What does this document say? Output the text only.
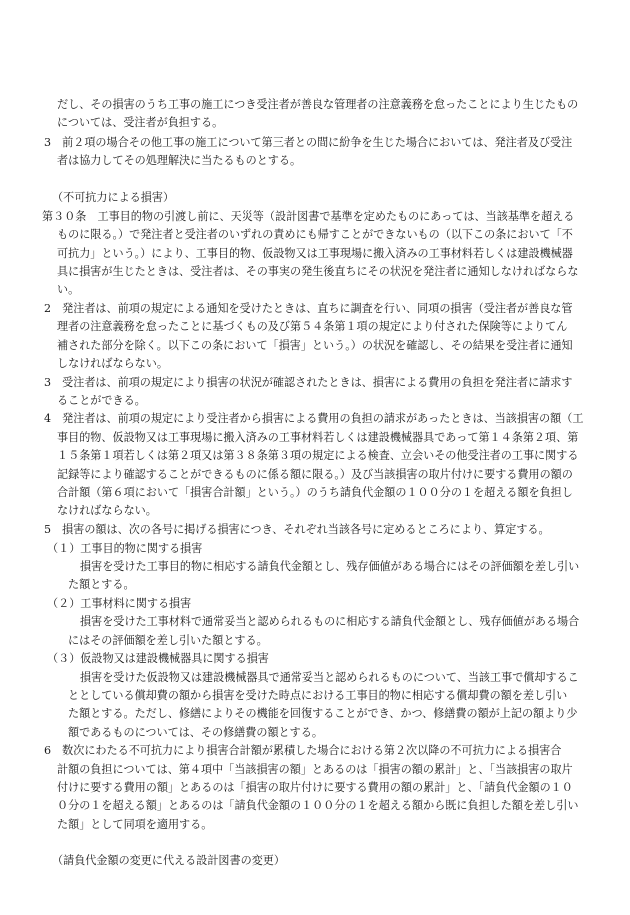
だし、その損害のうち工事の施工につき受注者が善良な管理者の注意義務を怠ったことにより生じたもの
については、受注者が負担する。
3　前２項の場合その他工事の施工について第三者との間に紛争を生じた場合においては、発注者及び受注
者は協力してその処理解決に当たるものとする。
（不可抗力による損害）
第３０条　工事目的物の引渡し前に、天災等（設計図書で基準を定めたものにあっては、当該基準を超える
ものに限る。）で発注者と受注者のいずれの責めにも帰すことができないもの（以下この条において「不
可抗力」という。）により、工事目的物、仮設物又は工事現場に搬入済みの工事材料若しくは建設機械器
具に損害が生じたときは、受注者は、その事実の発生後直ちにその状況を発注者に通知しなければならな
い。
2　発注者は、前項の規定による通知を受けたときは、直ちに調査を行い、同項の損害（受注者が善良な管
理者の注意義務を怠ったことに基づくもの及び第５４条第１項の規定により付された保険等によりてん
補された部分を除く。以下この条において「損害」という。）の状況を確認し、その結果を受注者に通知
しなければならない。
3　受注者は、前項の規定により損害の状況が確認されたときは、損害による費用の負担を発注者に請求す
ることができる。
4　発注者は、前項の規定により受注者から損害による費用の負担の請求があったときは、当該損害の額（工
事目的物、仮設物又は工事現場に搬入済みの工事材料若しくは建設機械器具であって第１４条第２項、第
１５条第１項若しくは第２項又は第３８条第３項の規定による検査、立会いその他受注者の工事に関する
記録等により確認することができるものに係る額に限る。）及び当該損害の取片付けに要する費用の額の
合計額（第６項において「損害合計額」という。）のうち請負代金額の１００分の１を超える額を負担し
なければならない。
5　損害の額は、次の各号に掲げる損害につき、それぞれ当該各号に定めるところにより、算定する。
（１）工事目的物に関する損害
損害を受けた工事目的物に相応する請負代金額とし、残存価値がある場合にはその評価額を差し引い
た額とする。
（２）工事材料に関する損害
損害を受けた工事材料で通常妥当と認められるものに相応する請負代金額とし、残存価値がある場合
にはその評価額を差し引いた額とする。
（３）仮設物又は建設機械器具に関する損害
損害を受けた仮設物又は建設機械器具で通常妥当と認められるものについて、当該工事で償却するこ
ととしている償却費の額から損害を受けた時点における工事目的物に相応する償却費の額を差し引い
た額とする。ただし、修繕によりその機能を回復することができ、かつ、修繕費の額が上記の額より少
額であるものについては、その修繕費の額とする。
6　数次にわたる不可抗力により損害合計額が累積した場合における第２次以降の不可抗力による損害合
計額の負担については、第４項中「当該損害の額」とあるのは「損害の額の累計」と、「当該損害の取片
付けに要する費用の額」とあるのは「損害の取片付けに要する費用の額の累計」と、「請負代金額の１０
０分の１を超える額」とあるのは「請負代金額の１００分の１を超える額から既に負担した額を差し引い
た額」として同項を適用する。
（請負代金額の変更に代える設計図書の変更）
